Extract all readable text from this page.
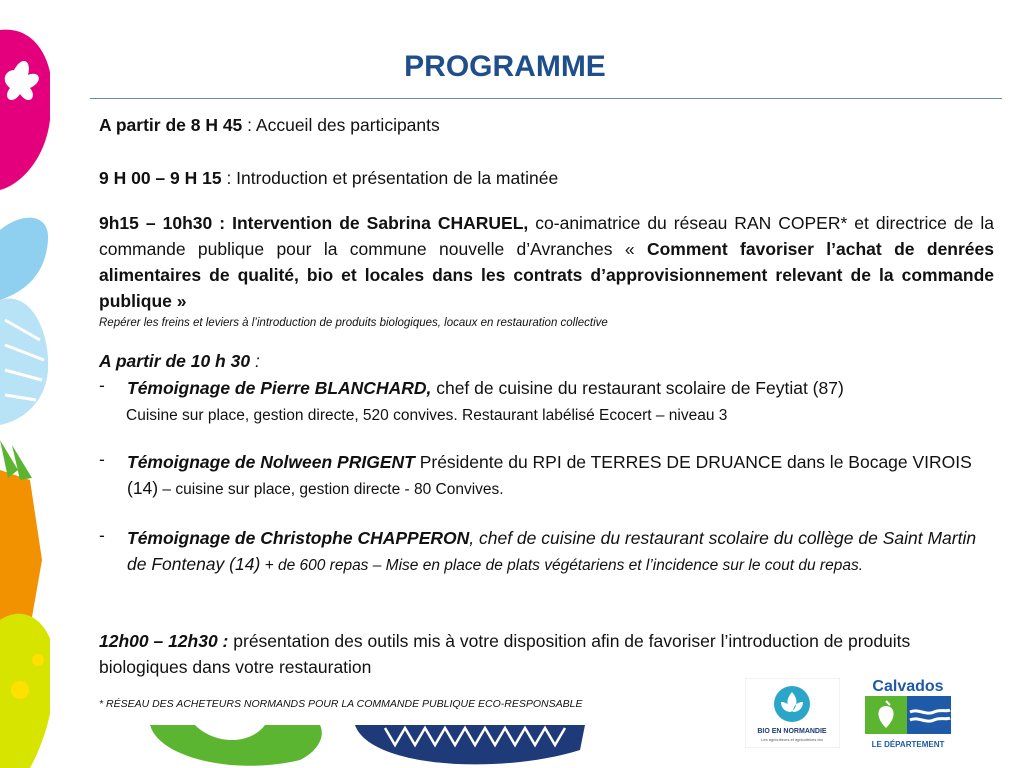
PROGRAMME
A partir de 8 H 45 : Accueil des participants
9 H 00 – 9 H 15 : Introduction et présentation de la matinée
9h15 – 10h30 : Intervention de Sabrina CHARUEL, co-animatrice du réseau RAN COPER* et directrice de la commande publique pour la commune nouvelle d’Avranches « Comment favoriser l’achat de denrées alimentaires de qualité, bio et locales dans les contrats d’approvisionnement relevant de la commande publique »
Repérer les freins et leviers à l’introduction de produits biologiques, locaux en restauration collective
A partir de 10 h 30 :
- Témoignage de Pierre BLANCHARD, chef de cuisine du restaurant scolaire de Feytiat (87)
Cuisine sur place, gestion directe, 520 convives. Restaurant labélisé Ecocert – niveau 3
- Témoignage de Nolween PRIGENT Présidente du RPI de TERRES DE DRUANCE dans le Bocage VIROIS (14) – cuisine sur place, gestion directe - 80 Convives.
- Témoignage de Christophe CHAPPERON, chef de cuisine du restaurant scolaire du collège de Saint Martin de Fontenay (14) + de 600 repas – Mise en place de plats végétariens et l’incidence sur le cout du repas.
12h00 – 12h30 : présentation des outils mis à votre disposition afin de favoriser l’introduction de produits biologiques dans votre restauration
* RÉSEAU DES ACHETEURS NORMANDS POUR LA COMMANDE PUBLIQUE ECO-RESPONSABLE
BIO EN NORMANDIE
Les agriculteurs et agricultrices bio
Calvados
LE DÉPARTEMENT
